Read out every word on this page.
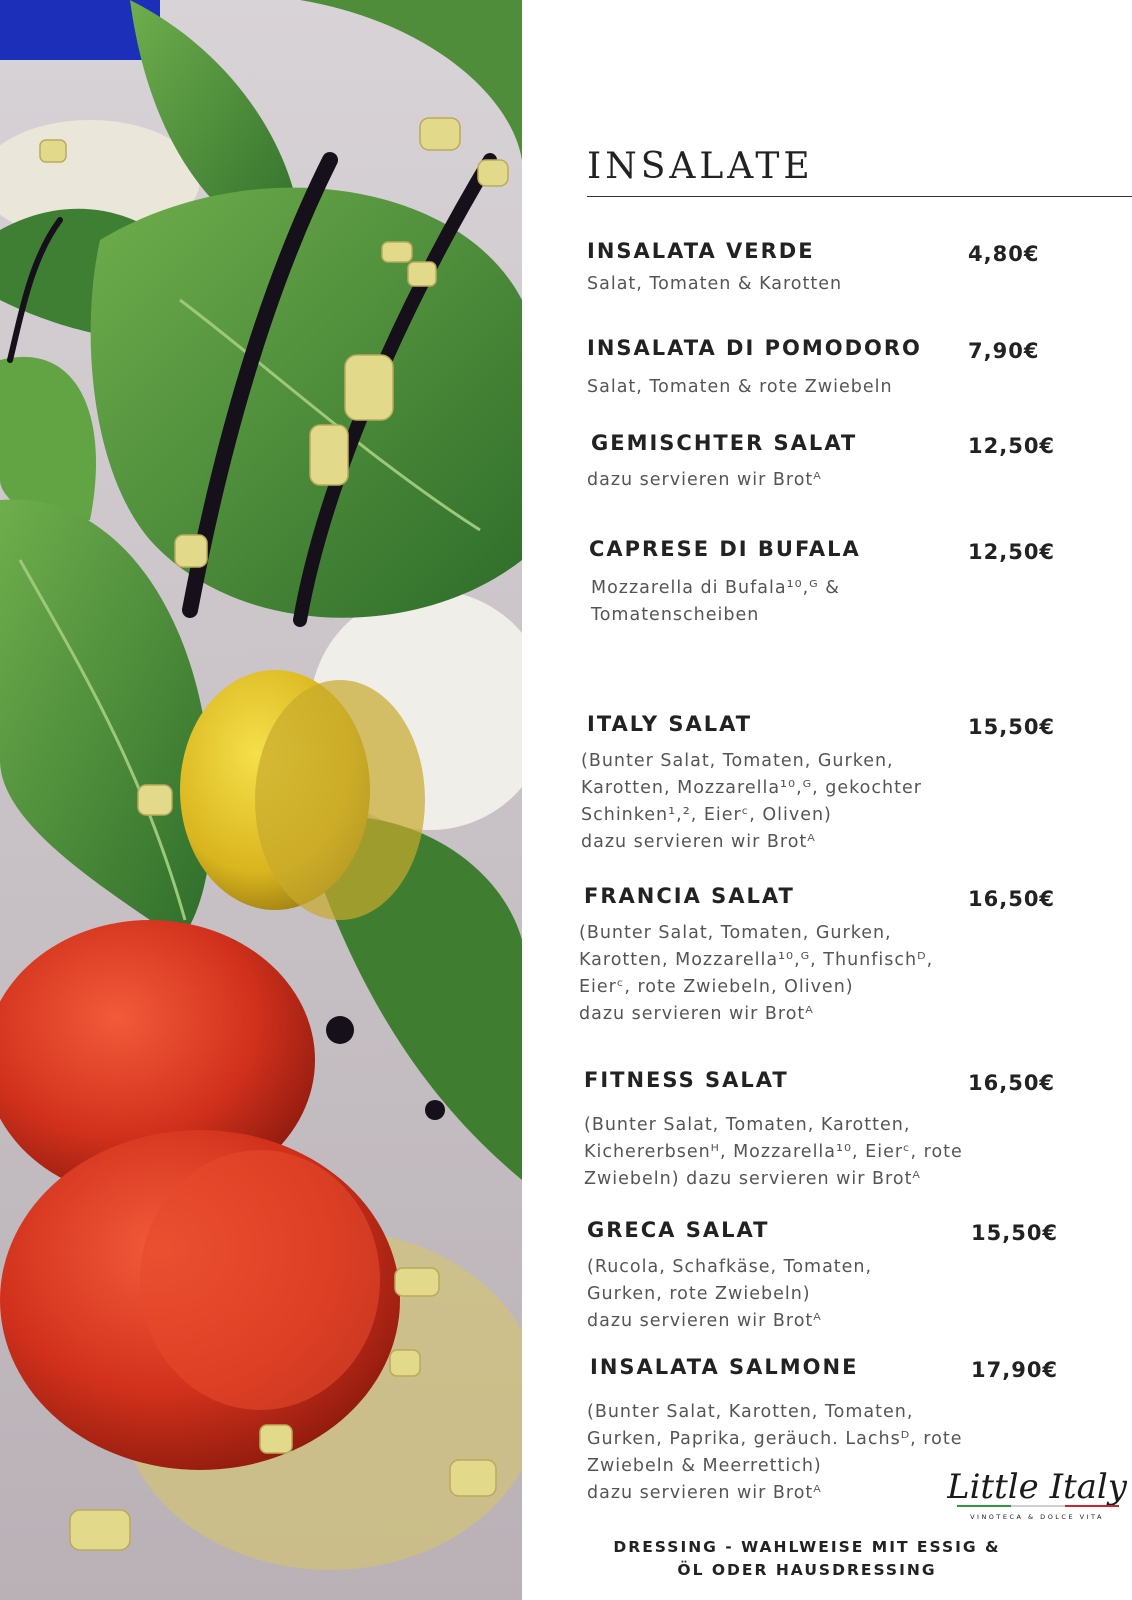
INSALATE
INSALATA VERDE	4,80€
Salat, Tomaten & Karotten
INSALATA DI POMODORO 7,90€
Salat, Tomaten & rote Zwiebeln
GEMISCHTER SALAT	12,50€
dazu servieren wir Brotᴬ
CAPRESE DI BUFALA	12,50€
Mozzarella di Bufala¹⁰,ᴳ &
Tomatenscheiben
ITALY SALAT	15,50€
(Bunter Salat, Tomaten, Gurken,
Karotten, Mozzarella¹⁰,ᴳ, gekochter
Schinken¹,², Eierᶜ, Oliven)
dazu servieren wir Brotᴬ
FRANCIA SALAT	16,50€
(Bunter Salat, Tomaten, Gurken,
Karotten, Mozzarella¹⁰,ᴳ, Thunfischᴰ,
Eierᶜ, rote Zwiebeln, Oliven)
dazu servieren wir Brotᴬ
FITNESS SALAT	16,50€
(Bunter Salat, Tomaten, Karotten,
Kichererbsenᴴ, Mozzarella¹⁰, Eierᶜ, rote
Zwiebeln) dazu servieren wir Brotᴬ
GRECA SALAT	15,50€
(Rucola, Schafkäse, Tomaten,
Gurken, rote Zwiebeln)
dazu servieren wir Brotᴬ
INSALATA SALMONE	17,90€
(Bunter Salat, Karotten, Tomaten,
Gurken, Paprika, geräuch. Lachsᴰ, rote
Zwiebeln & Meerrettich)
dazu servieren wir Brotᴬ	Little Italy
VINOTECA & DOLCE VITA
DRESSING - WAHLWEISE MIT ESSIG &
ÖL ODER HAUSDRESSING
